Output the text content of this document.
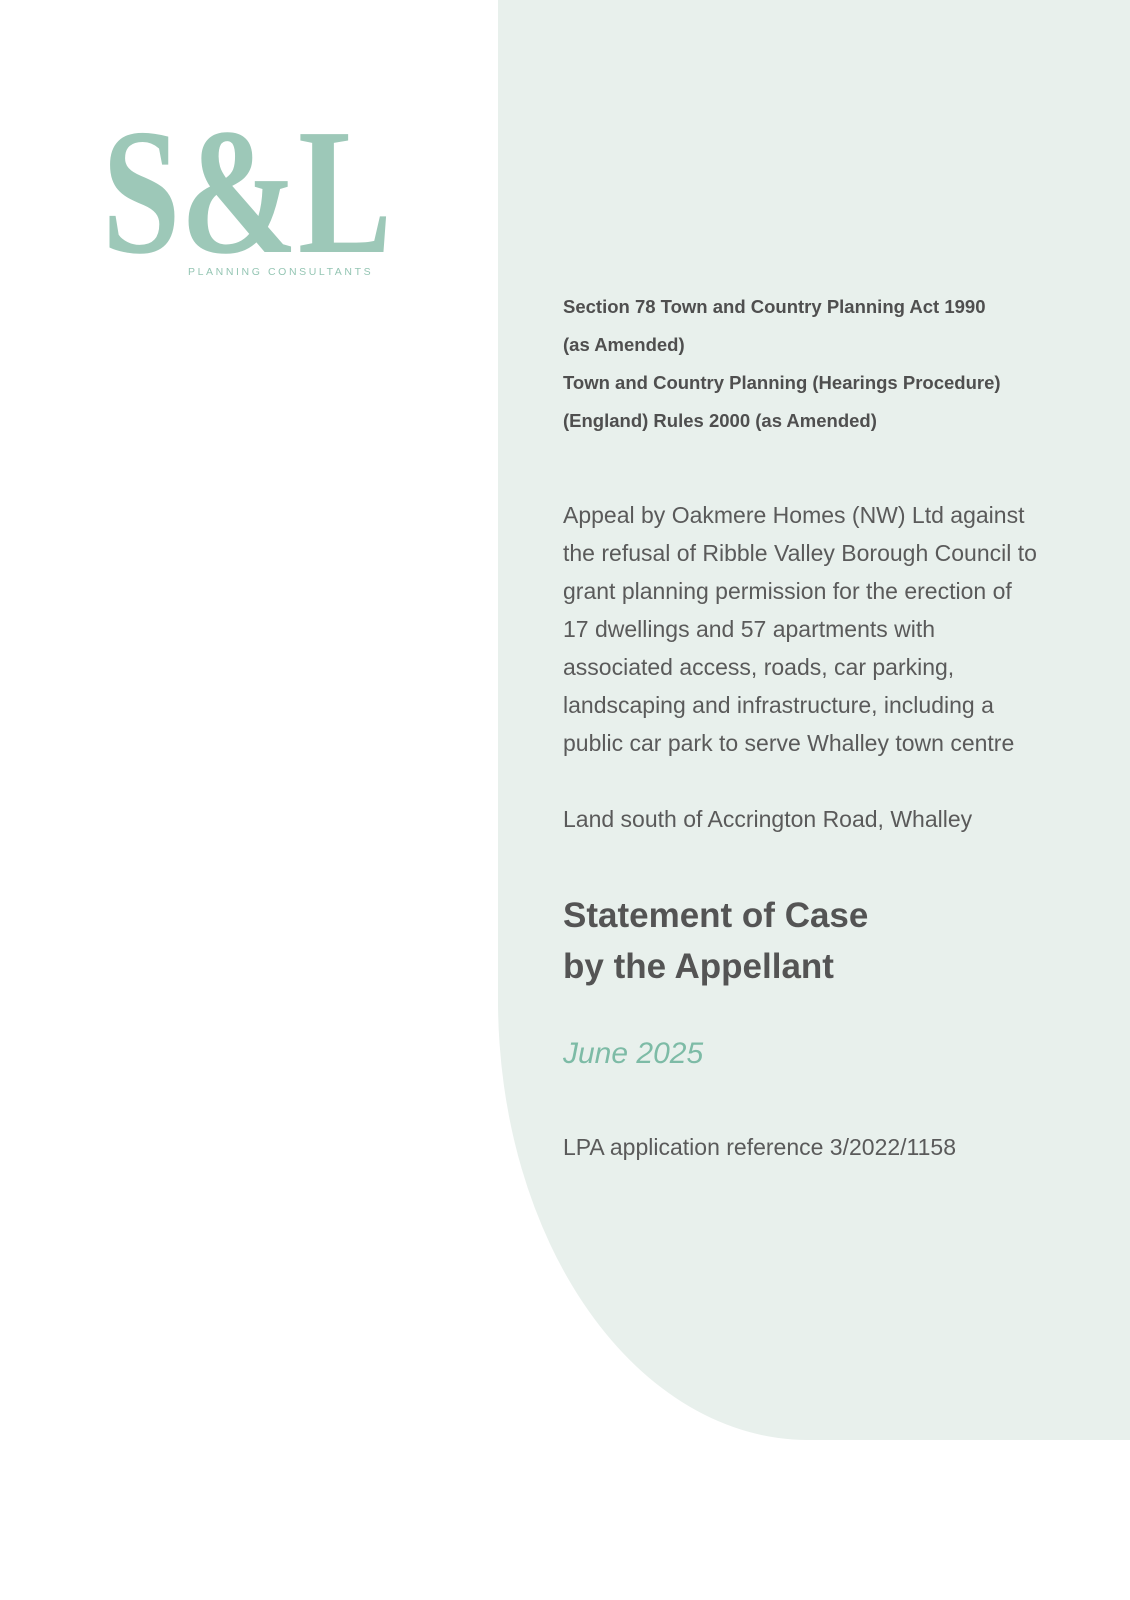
S&L
PLANNING CONSULTANTS
Section 78 Town and Country Planning Act 1990
(as Amended)
Town and Country Planning (Hearings Procedure)
(England) Rules 2000 (as Amended)
Appeal by Oakmere Homes (NW) Ltd against
the refusal of Ribble Valley Borough Council to
grant planning permission for the erection of
17 dwellings and 57 apartments with
associated access, roads, car parking,
landscaping and infrastructure, including a
public car park to serve Whalley town centre
Land south of Accrington Road, Whalley
Statement of Case
by the Appellant
June 2025
LPA application reference 3/2022/1158
